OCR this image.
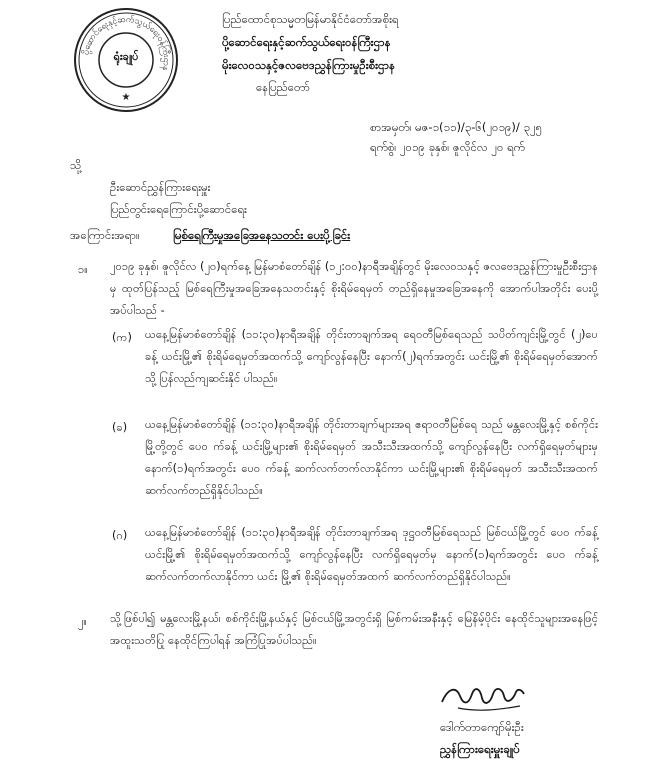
ပို့ဆောင်ရေးနှင့်ဆက်သွယ်ရေးဝန်ကြီးဌာန
★
ရုံးချုပ်
ပြည်ထောင်စုသမ္မတမြန်မာနိုင်ငံတော်အစိုးရ
ပို့ဆောင်ရေးနှင့်ဆက်သွယ်ရေးဝန်ကြီးဌာန
မိုးလေဝသနှင့်ဇလဗေဒညွှန်ကြားမှုဦးစီးဌာန
နေပြည်တော်
စာအမှတ်၊ မဇ-၁(၁၁)/၃-၆(၂၀၁၉)/ ၃၂၅
ရက်စွဲ၊ ၂၀၁၉ ခုနှစ်၊ ဇူလိုင်လ ၂၀ ရက်
သို့
ဦးဆောင်ညွှန်ကြားရေးမှူး
ပြည်တွင်းရေကြောင်းပို့ဆောင်ရေး
အကြောင်းအရာ။	မြစ်ရေကြီးမှုအခြေအနေသတင်း ပေးပို့ခြင်း
၁။ ၂၀၁၉ ခုနှစ်၊ ဇူလိုင်လ (၂၀)ရက်နေ့ မြန်မာစံတော်ချိန် (၁၂:၀၀)နာရီအချိန်တွင် မိုးလေဝသနှင့် ဇလဗေဒညွှန်ကြားမှုဦးစီးဌာနမှ ထုတ်ပြန်သည့် မြစ်ရေကြီးမှုအခြေအနေသတင်းနှင့် စိုးရိမ်ရေမှတ် တည်ရှိနေမှုအခြေအနေကို အောက်ပါအတိုင်း ပေးပို့အပ်ပါသည် -
(က) ယနေ့မြန်မာစံတော်ချိန် (၁၁:၃၀)နာရီအချိန် တိုင်းတာချက်အရ ရေဝတီမြစ်ရေသည် သပိတ်ကျင်းမြို့တွင် (၂)ပေခန့် ယင်းမြို့၏ စိုးရိမ်ရေမှတ်အထက်သို့ ကျော်လွန်နေပြီး နောက်(၂)ရက်အတွင်း ယင်းမြို့၏ စိုးရိမ်ရေမှတ်အောက်သို့ ပြန်လည်ကျဆင်းနိုင် ပါသည်။
(ခ) ယနေ့မြန်မာစံတော်ချိန် (၁၁:၃၀)နာရီအချိန် တိုင်းတာချက်များအရ ဧရာဝတီမြစ်ရေ သည် မန္တလေးမြို့နှင့် စစ်ကိုင်းမြို့တို့တွင် ပေ၀ က်ခန့် ယင်းမြို့များ၏ စိုးရိမ်ရေမှတ် အသီးသီးအထက်သို့ ကျော်လွန်နေပြီး လက်ရှိရေမှတ်များမှ နောက်(၁)ရက်အတွင်း ပေ၀ က်ခန့် ဆက်လက်တက်လာနိုင်ကာ ယင်းမြို့များ၏ စိုးရိမ်ရေမှတ် အသီးသီးအထက် ဆက်လက်တည်ရှိနိုင်ပါသည်။
(ဂ) ယနေ့မြန်မာစံတော်ချိန် (၁၁:၃၀)နာရီအချိန် တိုင်းတာချက်အရ ဒုဋ္ဌဝတီမြစ်ရေသည် မြစ်ငယ်မြို့တွင် ပေ၀ က်ခန့် ယင်းမြို့၏ စိုးရိမ်ရေမှတ်အထက်သို့ ကျော်လွန်နေပြီး လက်ရှိရေမှတ်မှ နောက်(၁)ရက်အတွင်း ပေ၀ က်ခန့် ဆက်လက်တက်လာနိုင်ကာ ယင်း မြို့၏ စိုးရိမ်ရေမှတ်အထက် ဆက်လက်တည်ရှိနိုင်ပါသည်။
၂။ သို့ဖြစ်ပါ၍ မန္တလေးမြို့နယ်၊ စစ်ကိုင်းမြို့နယ်နှင့် မြစ်ငယ်မြို့အတွင်းရှိ မြစ်ကမ်းအနီးနှင့် မြေနိမ့်ပိုင်း နေထိုင်သူများအနေဖြင့် အထူးသတိပြု နေထိုင်ကြပါရန် အကြံပြုအပ်ပါသည်။
ဒေါက်တာကျော်မိုးဦး
ညွှန်ကြားရေးမှူးချုပ်
